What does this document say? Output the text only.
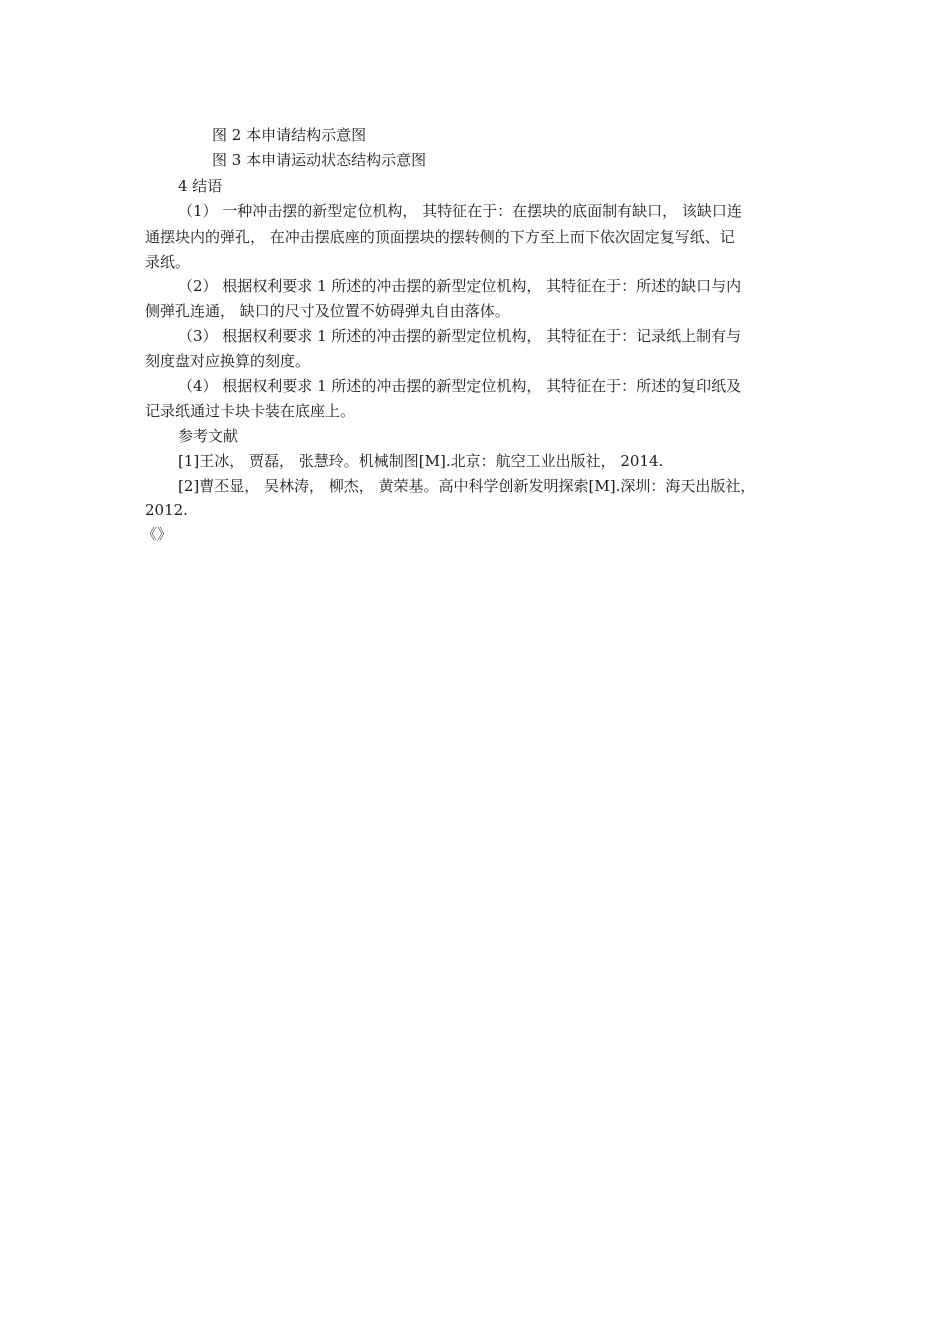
图 2 本申请结构示意图
图 3 本申请运动状态结构示意图
4 结语
（1） 一种冲击摆的新型定位机构， 其特征在于：在摆块的底面制有缺口， 该缺口连
通摆块内的弹孔， 在冲击摆底座的顶面摆块的摆转侧的下方至上而下依次固定复写纸、记
录纸。
（2） 根据权利要求 1 所述的冲击摆的新型定位机构， 其特征在于：所述的缺口与内
侧弹孔连通， 缺口的尺寸及位置不妨碍弹丸自由落体。
（3） 根据权利要求 1 所述的冲击摆的新型定位机构， 其特征在于：记录纸上制有与
刻度盘对应换算的刻度。
（4） 根据权利要求 1 所述的冲击摆的新型定位机构， 其特征在于：所述的复印纸及
记录纸通过卡块卡装在底座上。
参考文献
[1]王冰， 贾磊， 张慧玲。机械制图[M].北京：航空工业出版社， 2014.
[2]曹丕显， 吴林涛， 柳杰， 黄荣基。高中科学创新发明探索[M].深圳：海天出版社，
2012.
《》
